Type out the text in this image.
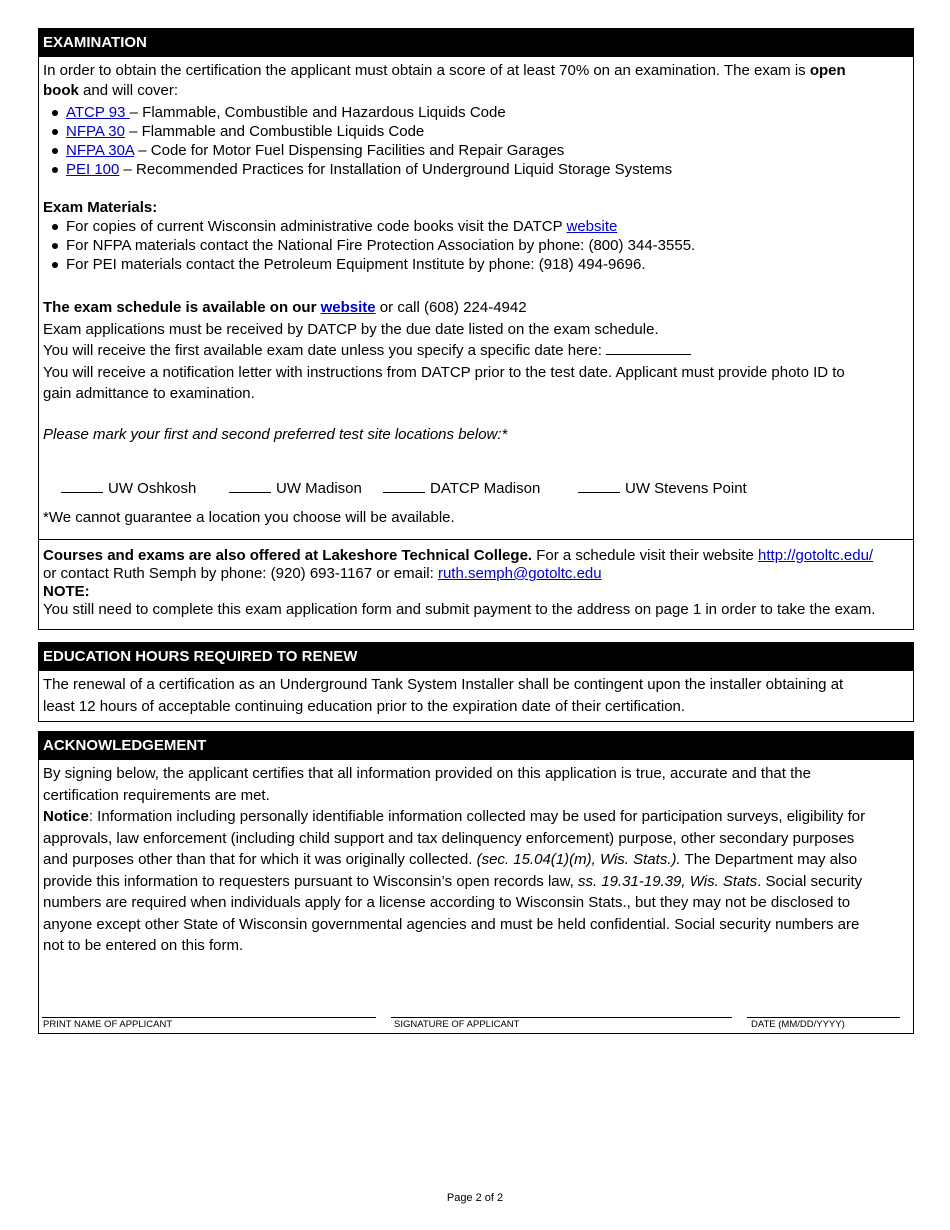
EXAMINATION
In order to obtain the certification the applicant must obtain a score of at least 70% on an examination. The exam is open
book and will cover:
ATCP 93 – Flammable, Combustible and Hazardous Liquids Code
NFPA 30 – Flammable and Combustible Liquids Code
NFPA 30A – Code for Motor Fuel Dispensing Facilities and Repair Garages
PEI 100 – Recommended Practices for Installation of Underground Liquid Storage Systems
Exam Materials:
For copies of current Wisconsin administrative code books visit the DATCP website
For NFPA materials contact the National Fire Protection Association by phone: (800) 344-3555.
For PEI materials contact the Petroleum Equipment Institute by phone: (918) 494-9696.
The exam schedule is available on our website or call (608) 224-4942
Exam applications must be received by DATCP by the due date listed on the exam schedule.
You will receive the first available exam date unless you specify a specific date here:
You will receive a notification letter with instructions from DATCP prior to the test date. Applicant must provide photo ID to
gain admittance to examination.
Please mark your first and second preferred test site locations below:*
UW Oshkosh	UW Madison	DATCP Madison	UW Stevens Point
*We cannot guarantee a location you choose will be available.
Courses and exams are also offered at Lakeshore Technical College. For a schedule visit their website http://gotoltc.edu/
or contact Ruth Semph by phone: (920) 693-1167 or email: ruth.semph@gotoltc.edu
NOTE:
You still need to complete this exam application form and submit payment to the address on page 1 in order to take the exam.
EDUCATION HOURS REQUIRED TO RENEW
The renewal of a certification as an Underground Tank System Installer shall be contingent upon the installer obtaining at
least 12 hours of acceptable continuing education prior to the expiration date of their certification.
ACKNOWLEDGEMENT
By signing below, the applicant certifies that all information provided on this application is true, accurate and that the
certification requirements are met.
Notice: Information including personally identifiable information collected may be used for participation surveys, eligibility for
approvals, law enforcement (including child support and tax delinquency enforcement) purpose, other secondary purposes
and purposes other than that for which it was originally collected. (sec. 15.04(1)(m), Wis. Stats.). The Department may also
provide this information to requesters pursuant to Wisconsin’s open records law, ss. 19.31-19.39, Wis. Stats. Social security
numbers are required when individuals apply for a license according to Wisconsin Stats., but they may not be disclosed to
anyone except other State of Wisconsin governmental agencies and must be held confidential. Social security numbers are
not to be entered on this form.
PRINT NAME OF APPLICANT	SIGNATURE OF APPLICANT	DATE (MM/DD/YYYY)
Page 2 of 2
